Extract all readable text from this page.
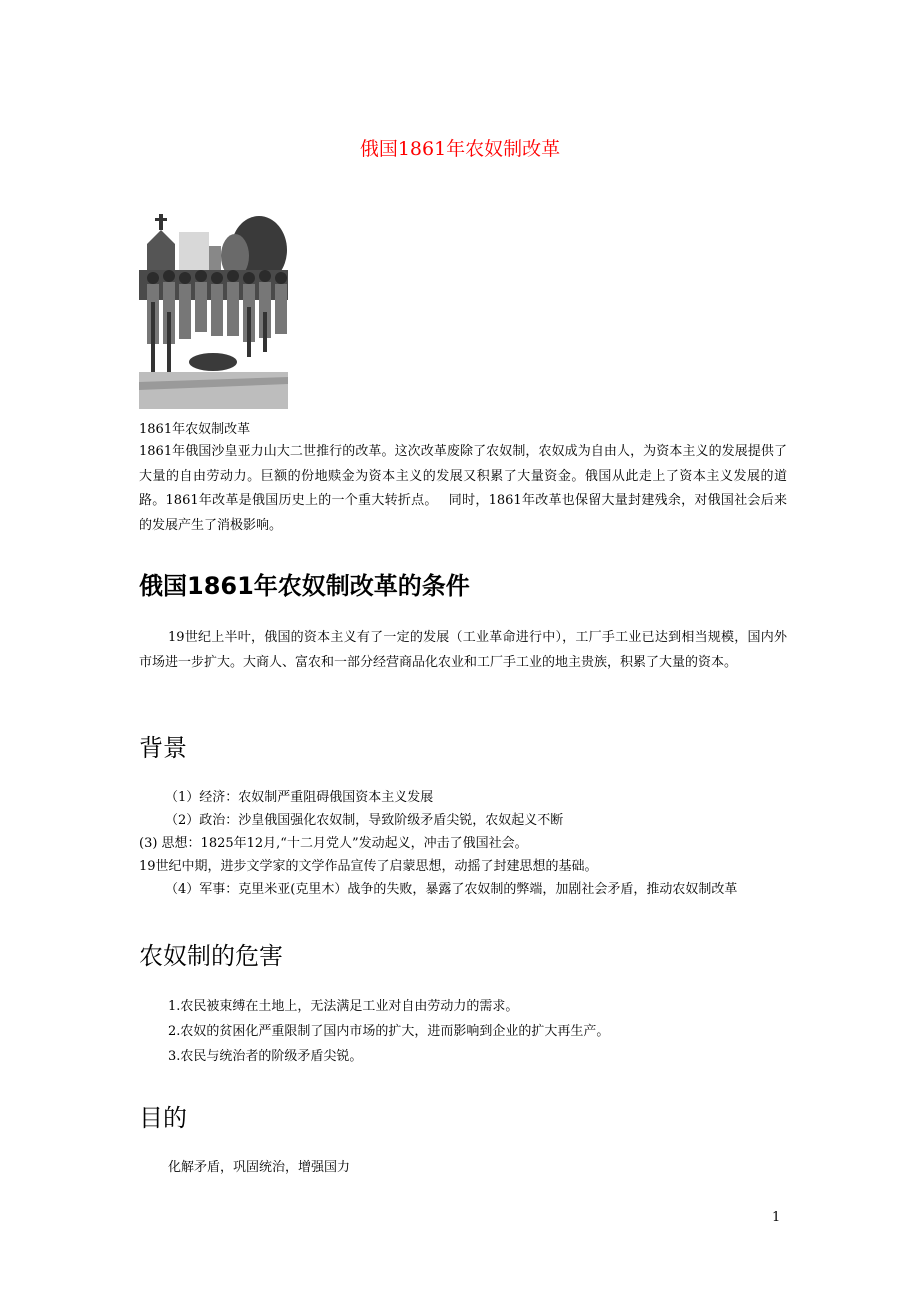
俄国1861年农奴制改革
1861年农奴制改革
1861年俄国沙皇亚力山大二世推行的改革。这次改革废除了农奴制，农奴成为自由人，为资本主义的发展提供了大量的自由劳动力。巨额的份地赎金为资本主义的发展又积累了大量资金。俄国从此走上了资本主义发展的道路。1861年改革是俄国历史上的一个重大转折点。　 同时，1861年改革也保留大量封建残余，对俄国社会后来的发展产生了消极影响。
俄国1861年农奴制改革的条件
19世纪上半叶，俄国的资本主义有了一定的发展（工业革命进行中），工厂手工业已达到相当规模，国内外市场进一步扩大。大商人、富农和一部分经营商品化农业和工厂手工业的地主贵族，积累了大量的资本。
背景
（1）经济：农奴制严重阻碍俄国资本主义发展
（2）政治：沙皇俄国强化农奴制，导致阶级矛盾尖锐，农奴起义不断
(3) 思想：1825年12月,“十二月党人”发动起义，冲击了俄国社会。
19世纪中期，进步文学家的文学作品宣传了启蒙思想，动摇了封建思想的基础。
（4）军事：克里米亚(克里木）战争的失败，暴露了农奴制的弊端，加剧社会矛盾，推动农奴制改革
农奴制的危害
1.农民被束缚在土地上，无法满足工业对自由劳动力的需求。
2.农奴的贫困化严重限制了国内市场的扩大，进而影响到企业的扩大再生产。
3.农民与统治者的阶级矛盾尖锐。
目的
化解矛盾，巩固统治，增强国力
1
